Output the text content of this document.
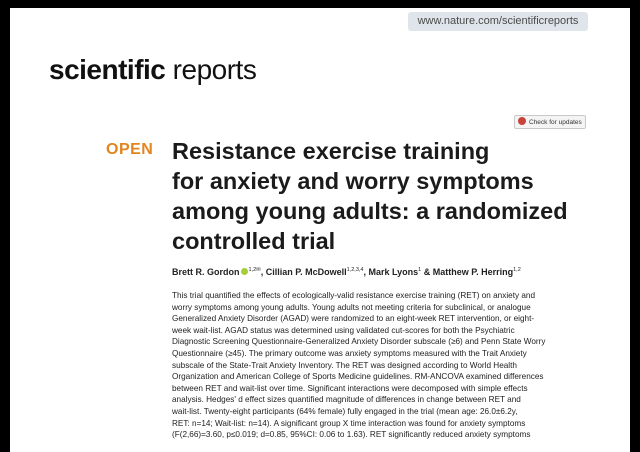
www.nature.com/scientificreports
scientific reports
Check for updates
OPEN Resistance exercise training
for anxiety and worry symptoms
among young adults: a randomized
controlled trial
Brett R. Gordon $^{1,2✉}$, Cillian P. McDowell$^{1,2,3,4}$, Mark Lyons$^1$ & Matthew P. Herring$^{1,2}$

This trial quantified the effects of ecologically-valid resistance exercise training (RET) on anxiety and
worry symptoms among young adults. Young adults not meeting criteria for subclinical, or analogue
Generalized Anxiety Disorder (AGAD) were randomized to an eight-week RET intervention, or eight-
week wait-list. AGAD status was determined using validated cut-scores for both the Psychiatric
Diagnostic Screening Questionnaire-Generalized Anxiety Disorder subscale (≥6) and Penn State Worry
Questionnaire (≥45). The primary outcome was anxiety symptoms measured with the Trait Anxiety
subscale of the State-Trait Anxiety Inventory. The RET was designed according to World Health
Organization and American College of Sports Medicine guidelines. RM-ANCOVA examined differences
between RET and wait-list over time. Significant interactions were decomposed with simple effects
analysis. Hedges' d effect sizes quantified magnitude of differences in change between RET and
wait-list. Twenty-eight participants (64% female) fully engaged in the trial (mean age: 26.0±6.2y,
RET: n=14; Wait-list: n=14). A significant group X time interaction was found for anxiety symptoms
(F(2,66)=3.60, p≤0.019; d=0.85, 95%CI: 0.06 to 1.63). RET significantly reduced anxiety symptoms
